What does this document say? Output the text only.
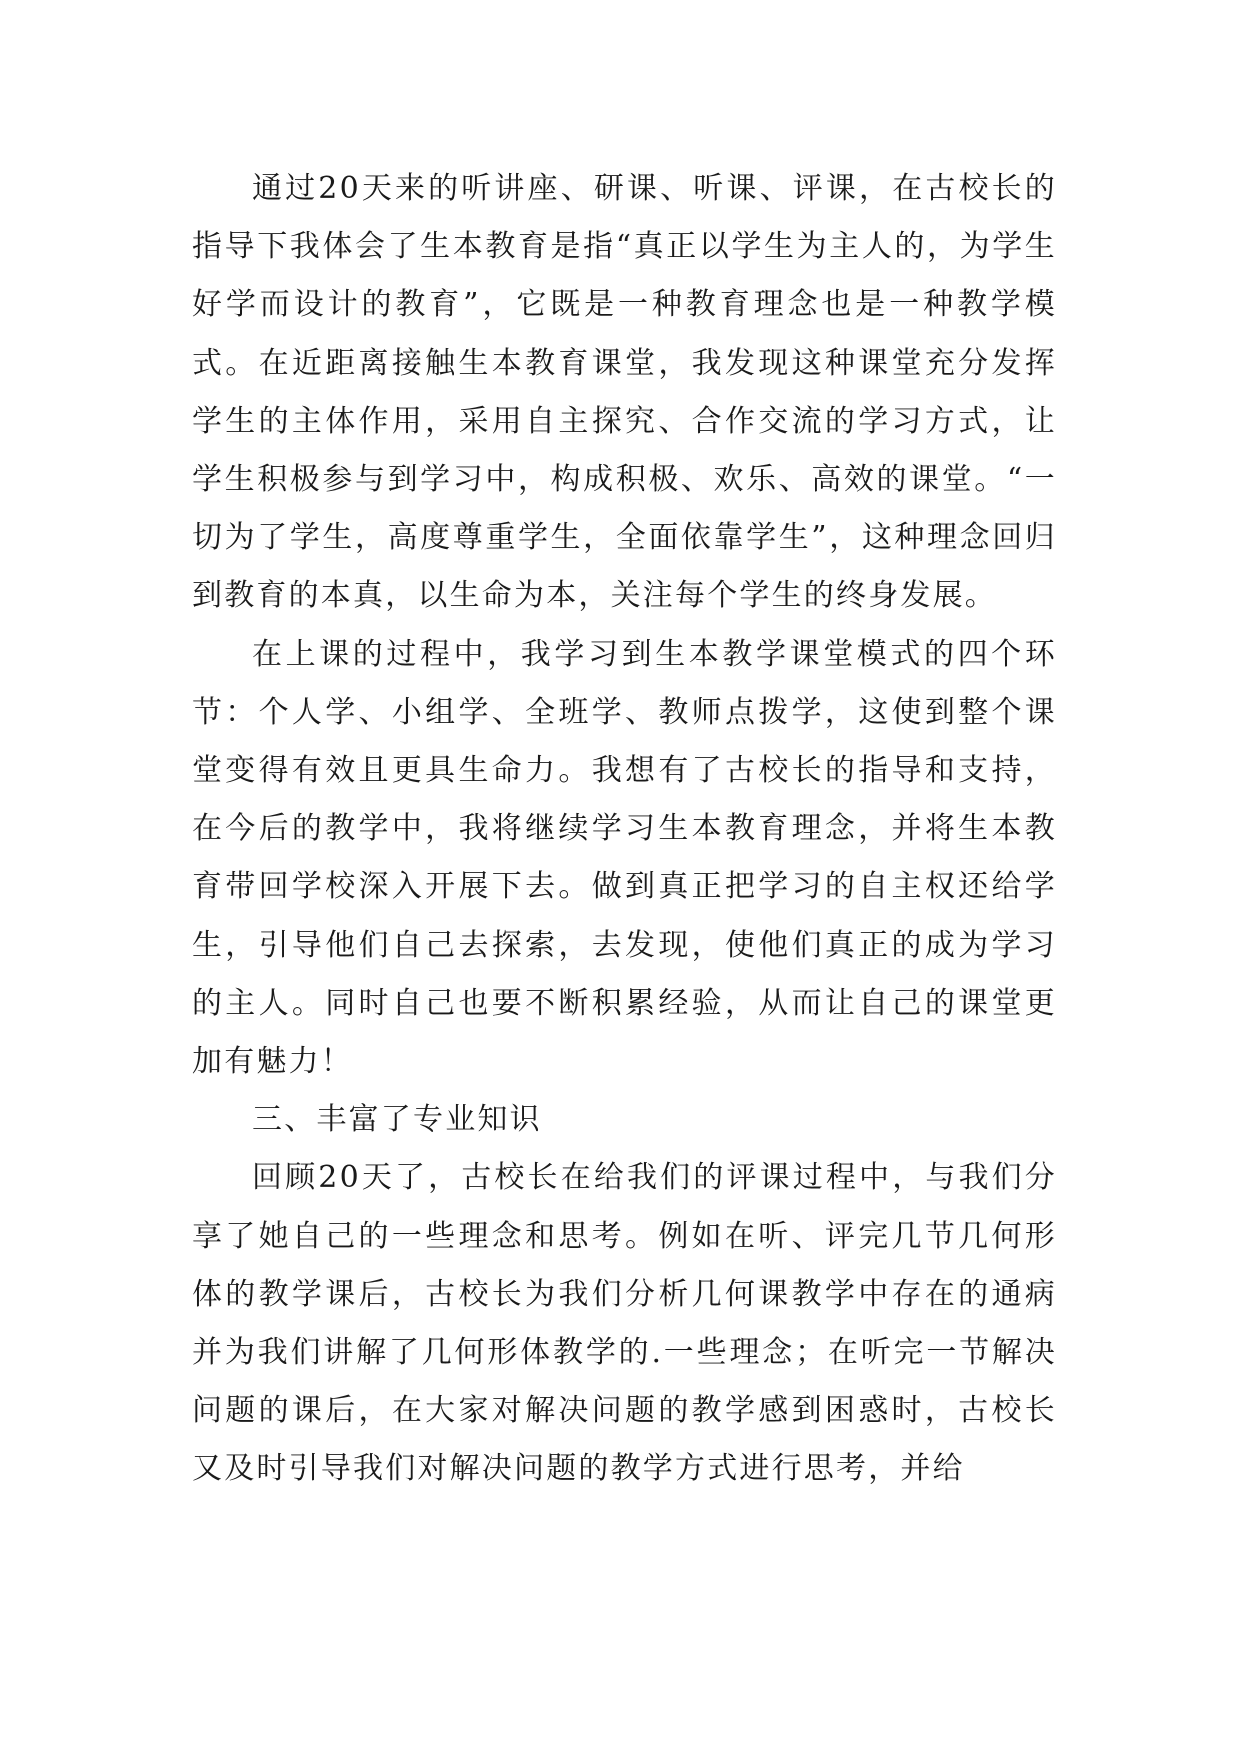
通过20天来的听讲座、研课、听课、评课，在古校长的指导下我体会了生本教育是指“真正以学生为主人的，为学生好学而设计的教育”，它既是一种教育理念也是一种教学模式。在近距离接触生本教育课堂，我发现这种课堂充分发挥学生的主体作用，采用自主探究、合作交流的学习方式，让学生积极参与到学习中，构成积极、欢乐、高效的课堂。“一切为了学生，高度尊重学生，全面依靠学生”，这种理念回归到教育的本真，以生命为本，关注每个学生的终身发展。

在上课的过程中，我学习到生本教学课堂模式的四个环节：个人学、小组学、全班学、教师点拨学，这使到整个课堂变得有效且更具生命力。我想有了古校长的指导和支持，在今后的教学中，我将继续学习生本教育理念，并将生本教育带回学校深入开展下去。做到真正把学习的自主权还给学生，引导他们自己去探索，去发现，使他们真正的成为学习的主人。同时自己也要不断积累经验，从而让自己的课堂更加有魅力！

三、丰富了专业知识

回顾20天了，古校长在给我们的评课过程中，与我们分享了她自己的一些理念和思考。例如在听、评完几节几何形体的教学课后，古校长为我们分析几何课教学中存在的通病并为我们讲解了几何形体教学的.一些理念；在听完一节解决问题的课后，在大家对解决问题的教学感到困惑时，古校长又及时引导我们对解决问题的教学方式进行思考，并给
